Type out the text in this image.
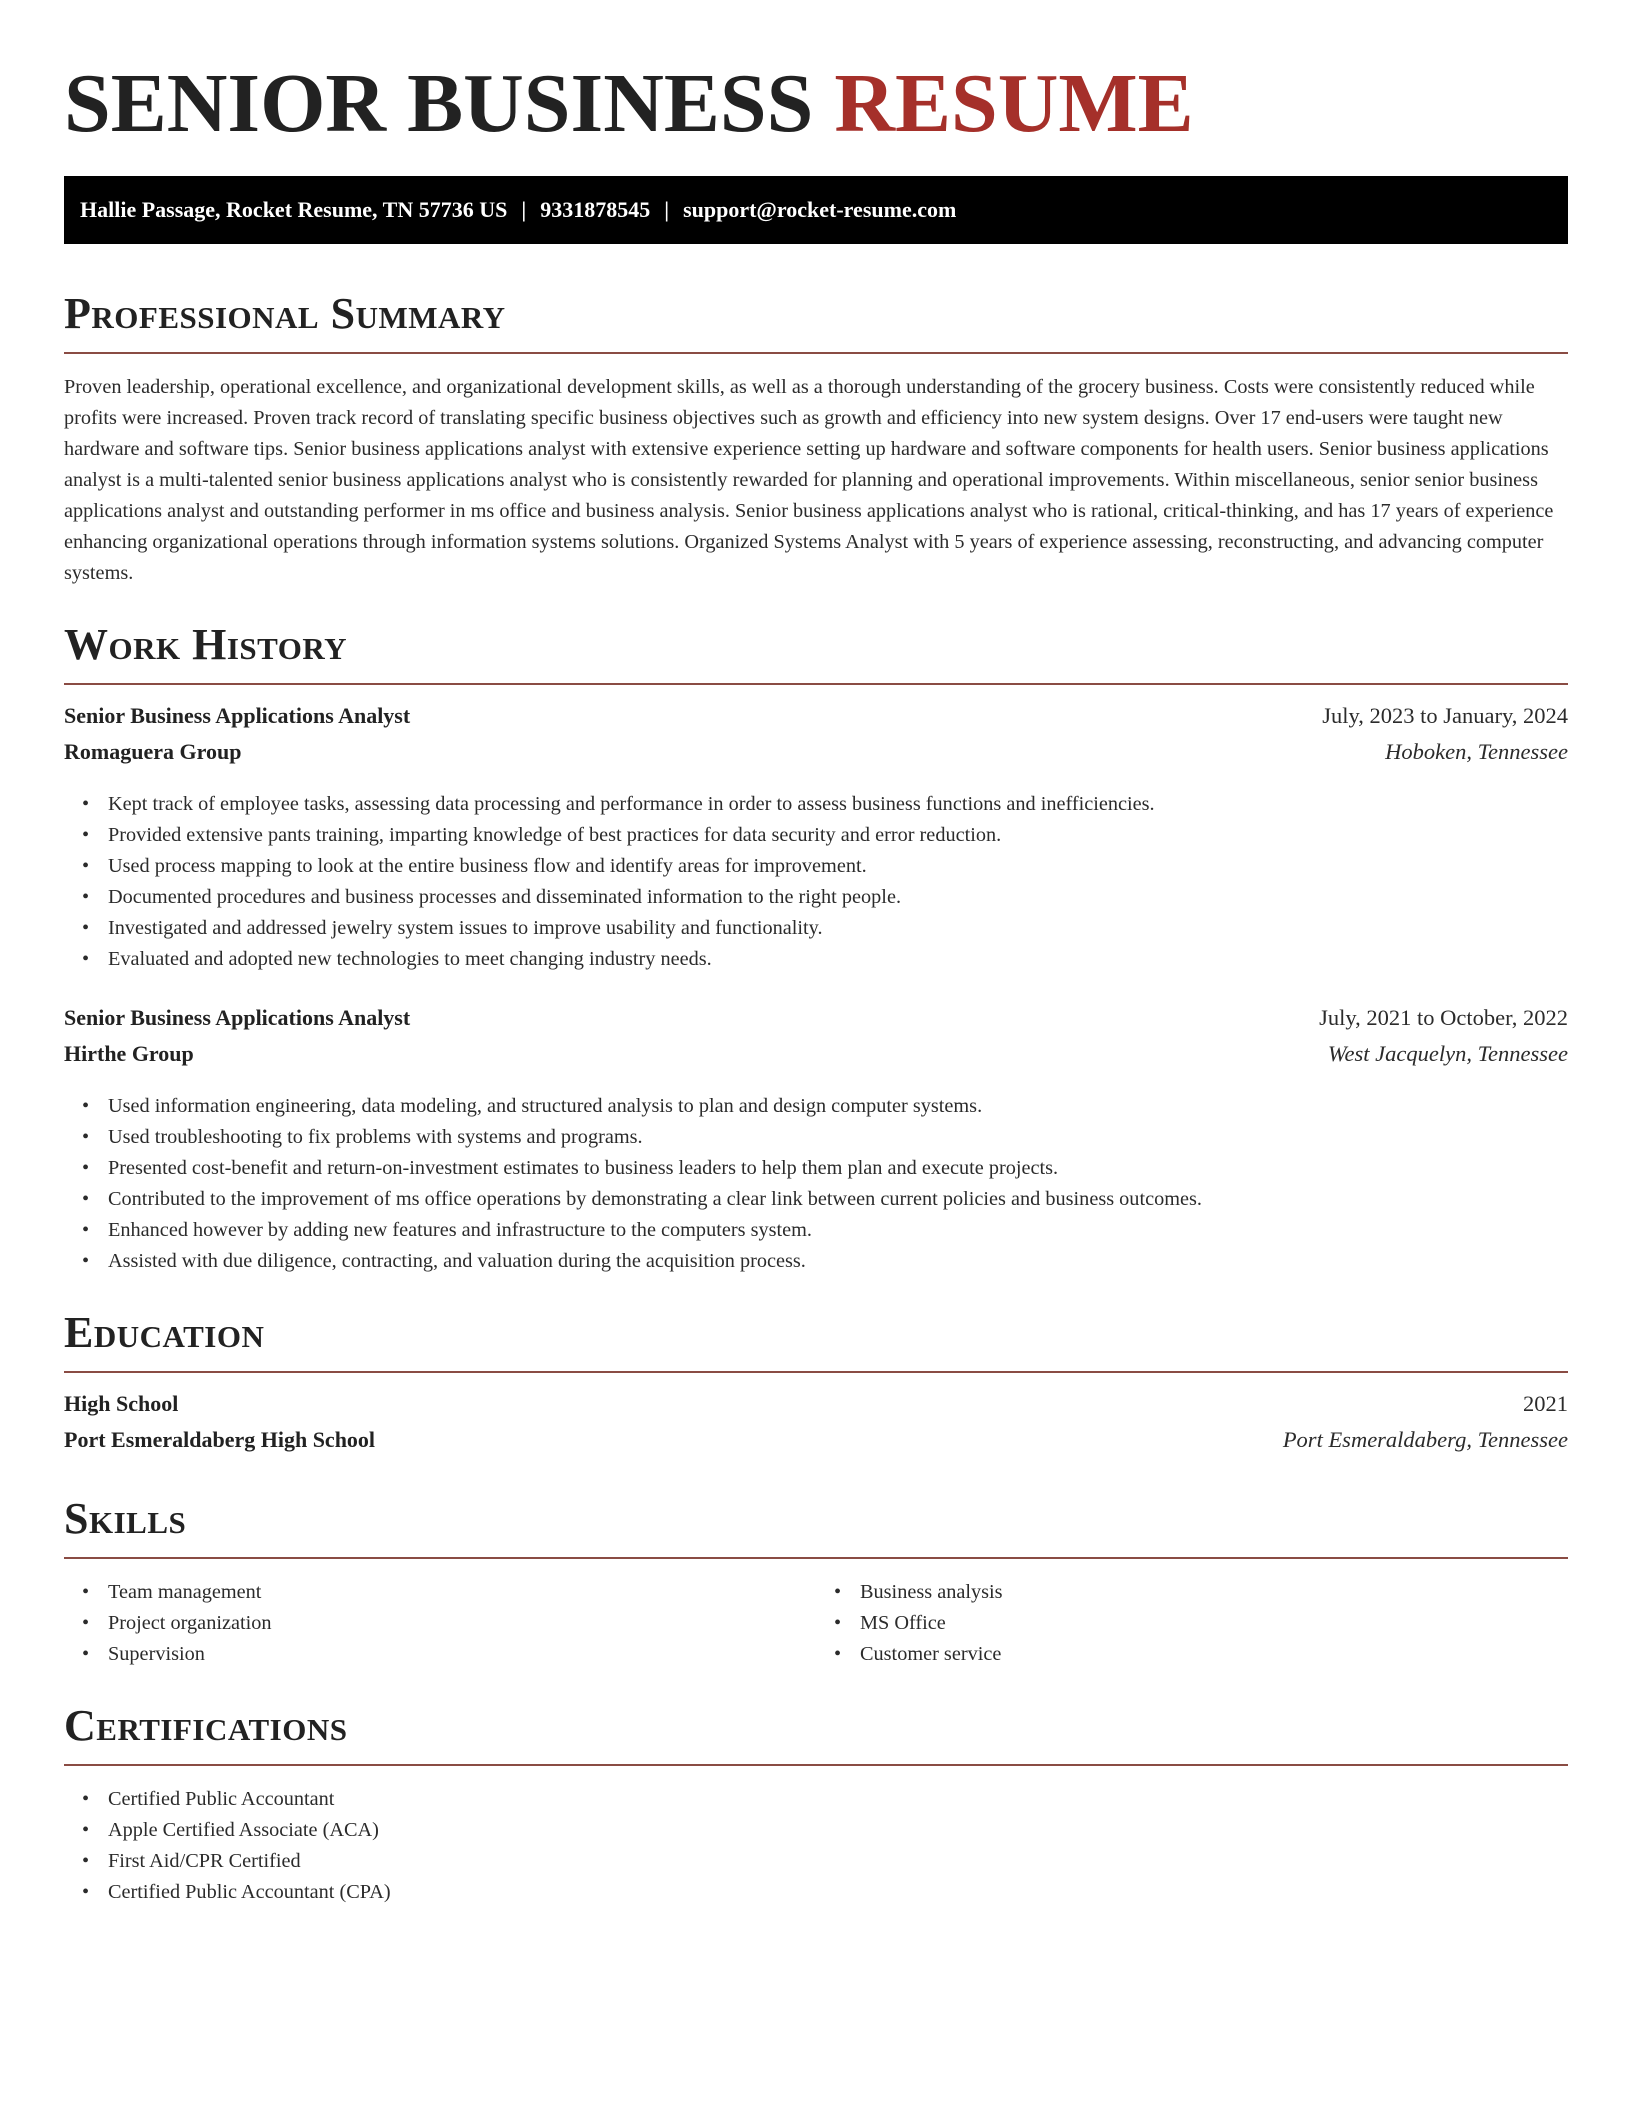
SENIOR BUSINESS RESUME
Hallie Passage, Rocket Resume, TN 57736 US | 9331878545 | support@rocket-resume.com
Professional Summary

Proven leadership, operational excellence, and organizational development skills, as well as a thorough understanding of the grocery business. Costs were consistently reduced while profits were increased. Proven track record of translating specific business objectives such as growth and efficiency into new system designs. Over 17 end-users were taught new hardware and software tips. Senior business applications analyst with extensive experience setting up hardware and software components for health users. Senior business applications analyst is a multi-talented senior business applications analyst who is consistently rewarded for planning and operational improvements. Within miscellaneous, senior senior business applications analyst and outstanding performer in ms office and business analysis. Senior business applications analyst who is rational, critical-thinking, and has 17 years of experience enhancing organizational operations through information systems solutions. Organized Systems Analyst with 5 years of experience assessing, reconstructing, and advancing computer systems.

Work History
Senior Business Applications Analyst	July, 2023 to January, 2024
Romaguera Group	Hoboken, Tennessee
• Kept track of employee tasks, assessing data processing and performance in order to assess business functions and inefficiencies.
• Provided extensive pants training, imparting knowledge of best practices for data security and error reduction.
• Used process mapping to look at the entire business flow and identify areas for improvement.
• Documented procedures and business processes and disseminated information to the right people.
• Investigated and addressed jewelry system issues to improve usability and functionality.
• Evaluated and adopted new technologies to meet changing industry needs.
Senior Business Applications Analyst	July, 2021 to October, 2022
Hirthe Group	West Jacquelyn, Tennessee
• Used information engineering, data modeling, and structured analysis to plan and design computer systems.
• Used troubleshooting to fix problems with systems and programs.
• Presented cost-benefit and return-on-investment estimates to business leaders to help them plan and execute projects.
• Contributed to the improvement of ms office operations by demonstrating a clear link between current policies and business outcomes.
• Enhanced however by adding new features and infrastructure to the computers system.
• Assisted with due diligence, contracting, and valuation during the acquisition process.
Education
High School	2021
Port Esmeraldaberg High School	Port Esmeraldaberg, Tennessee
Skills
• Team management
• Project organization
• Supervision
• Business analysis
• MS Office
• Customer service
Certifications
• Certified Public Accountant
• Apple Certified Associate (ACA)
• First Aid/CPR Certified
• Certified Public Accountant (CPA)
